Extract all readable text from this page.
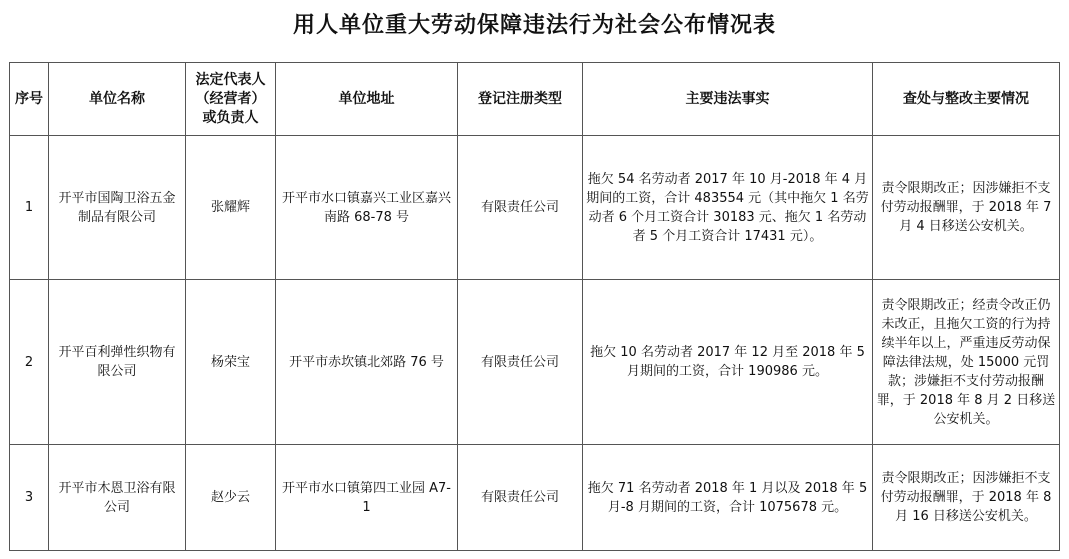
用人单位重大劳动保障违法行为社会公布情况表
序号	单位名称	法定代表人
（经营者）
或负责人	单位地址	登记注册类型	主要违法事实	查处与整改主要情况
1	开平市国陶卫浴五金制品有限公司	张耀辉	开平市水口镇嘉兴工业区嘉兴南路 68-78 号	有限责任公司	拖欠 54 名劳动者 2017 年 10 月-2018 年 4 月期间的工资，合计 483554 元（其中拖欠 1 名劳动者 6 个月工资合计 30183 元、拖欠 1 名劳动者 5 个月工资合计 17431 元）。	责令限期改正；因涉嫌拒不支付劳动报酬罪，于 2018 年 7 月 4 日移送公安机关。
2	开平百利弹性织物有限公司	杨荣宝	开平市赤坎镇北郊路 76 号	有限责任公司	拖欠 10 名劳动者 2017 年 12 月至 2018 年 5 月期间的工资，合计 190986 元。	责令限期改正；经责令改正仍未改正，且拖欠工资的行为持续半年以上，严重违反劳动保障法律法规，处 15000 元罚款；涉嫌拒不支付劳动报酬罪，于 2018 年 8 月 2 日移送公安机关。
3	开平市木恩卫浴有限公司	赵少云	开平市水口镇第四工业园 A7-1	有限责任公司	拖欠 71 名劳动者 2018 年 1 月以及 2018 年 5 月-8 月期间的工资，合计 1075678 元。	责令限期改正；因涉嫌拒不支付劳动报酬罪，于 2018 年 8 月 16 日移送公安机关。
